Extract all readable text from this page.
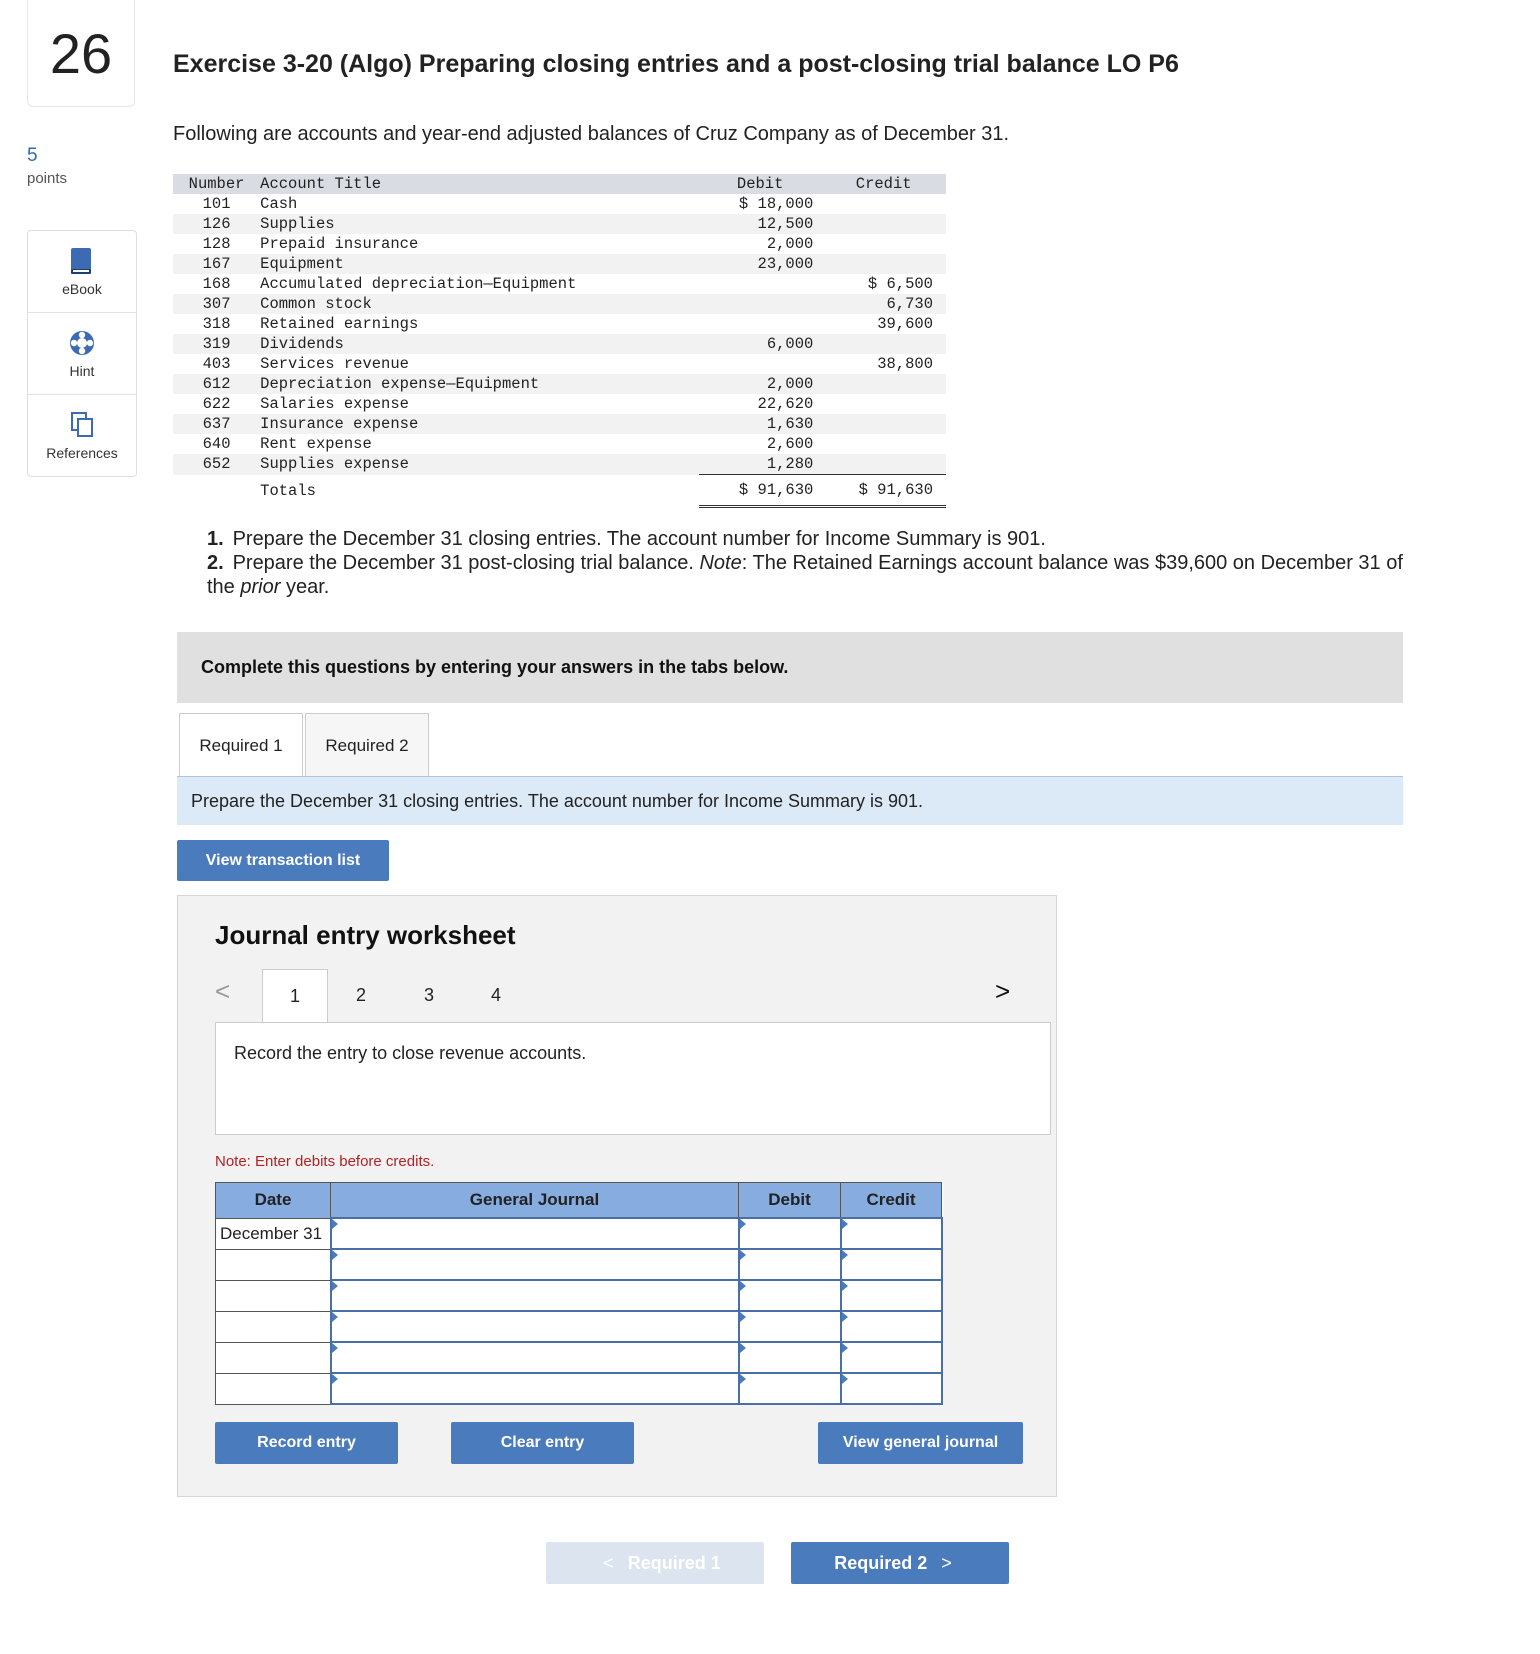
26
5
points
eBook
Hint
References
Exercise 3-20 (Algo) Preparing closing entries and a post-closing trial balance LO P6
Following are accounts and year-end adjusted balances of Cruz Company as of December 31.
Number	Account Title	Debit	Credit
101	Cash	$ 18,000	
126	Supplies	12,500	
128	Prepaid insurance	2,000	
167	Equipment	23,000	
168	Accumulated depreciation—Equipment		$ 6,500
307	Common stock		6,730
318	Retained earnings		39,600
319	Dividends	6,000	
403	Services revenue		38,800
612	Depreciation expense—Equipment	2,000	
622	Salaries expense	22,620	
637	Insurance expense	1,630	
640	Rent expense	2,600	
652	Supplies expense	1,280	
	Totals	$ 91,630	$ 91,630
1. Prepare the December 31 closing entries. The account number for Income Summary is 901.
2. Prepare the December 31 post-closing trial balance. Note: The Retained Earnings account balance was $39,600 on December 31 of the prior year.
Complete this questions by entering your answers in the tabs below.
Required 1	Required 2
Prepare the December 31 closing entries. The account number for Income Summary is 901.
View transaction list
Journal entry worksheet
<	1	2	3	4	>
Record the entry to close revenue accounts.
Note: Enter debits before credits.
Date	General Journal	Debit	Credit
December 31			

Record entry	Clear entry	View general journal
< Required 1	Required 2 >
